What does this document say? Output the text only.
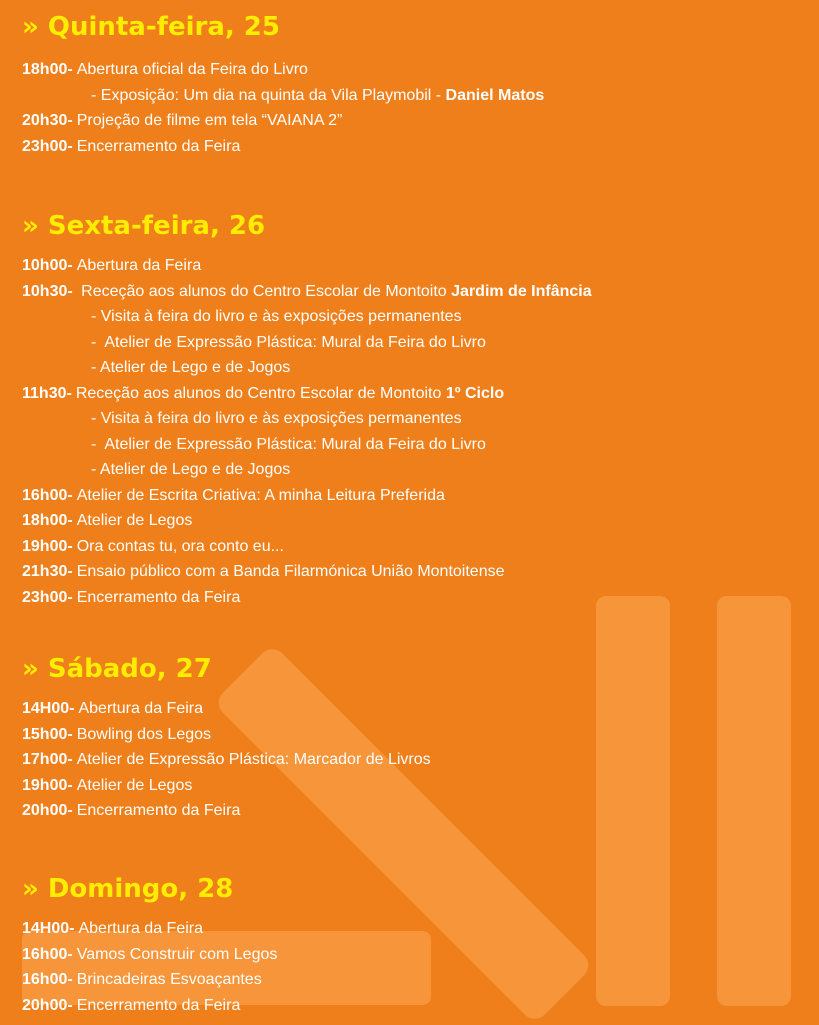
» Quinta-feira, 25
18h00- Abertura oficial da Feira do Livro
- Exposição: Um dia na quinta da Vila Playmobil - Daniel Matos
20h30- Projeção de filme em tela “VAIANA 2”
23h00- Encerramento da Feira
» Sexta-feira, 26
10h00- Abertura da Feira
10h30- Receção aos alunos do Centro Escolar de Montoito Jardim de Infância
- Visita à feira do livro e às exposições permanentes
-  Atelier de Expressão Plástica: Mural da Feira do Livro
- Atelier de Lego e de Jogos
11h30- Receção aos alunos do Centro Escolar de Montoito 1º Ciclo
- Visita à feira do livro e às exposições permanentes
-  Atelier de Expressão Plástica: Mural da Feira do Livro
- Atelier de Lego e de Jogos
16h00- Atelier de Escrita Criativa: A minha Leitura Preferida
18h00- Atelier de Legos
19h00- Ora contas tu, ora conto eu...
21h30- Ensaio público com a Banda Filarmónica União Montoitense
23h00- Encerramento da Feira
» Sábado, 27
14H00- Abertura da Feira
15h00- Bowling dos Legos
17h00- Atelier de Expressão Plástica: Marcador de Livros
19h00- Atelier de Legos
20h00- Encerramento da Feira
» Domingo, 28
14H00- Abertura da Feira
16h00- Vamos Construir com Legos
16h00- Brincadeiras Esvoaçantes
20h00- Encerramento da Feira
